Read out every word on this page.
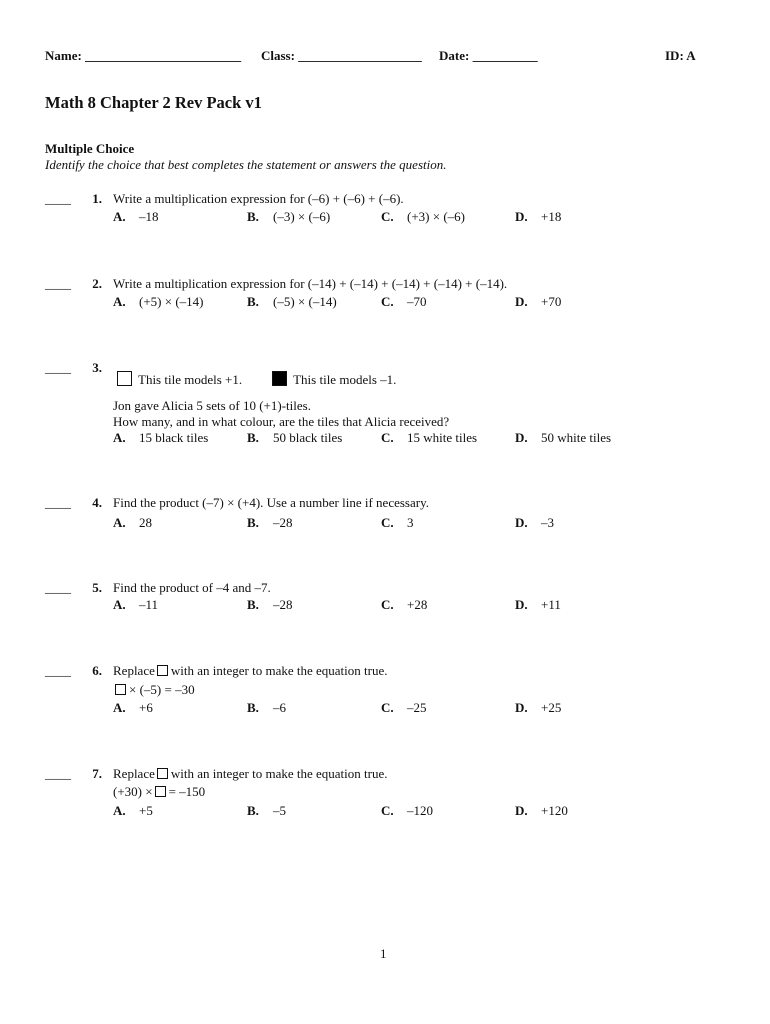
Name: ________________________ Class: ___________________ Date: __________	ID: A
Math 8 Chapter 2 Rev Pack v1
Multiple Choice
Identify the choice that best completes the statement or answers the question.
____	1. Write a multiplication expression for (–6) + (–6) + (–6).
A. –18	B. (–3) × (–6)	C. (+3) × (–6)	D. +18
____	2. Write a multiplication expression for (–14) + (–14) + (–14) + (–14) + (–14).
A. (+5) × (–14)	B. (–5) × (–14)	C. –70	D. +70
____	3.
This tile models +1.	This tile models –1.
Jon gave Alicia 5 sets of 10 (+1)-tiles.
How many, and in what colour, are the tiles that Alicia received?
A. 15 black tiles	B. 50 black tiles	C. 15 white tiles	D. 50 white tiles
____	4. Find the product (–7) × (+4). Use a number line if necessary.
A. 28	B. –28	C. 3	D. –3
____	5. Find the product of –4 and –7.
A. –11	B. –28	C. +28	D. +11
____	6. Replace with an integer to make the equation true.
× (–5) = –30
A. +6	B. –6	C. –25	D. +25
____	7. Replace with an integer to make the equation true.
(+30) × = –150
A. +5	B. –5	C. –120	D. +120
1
